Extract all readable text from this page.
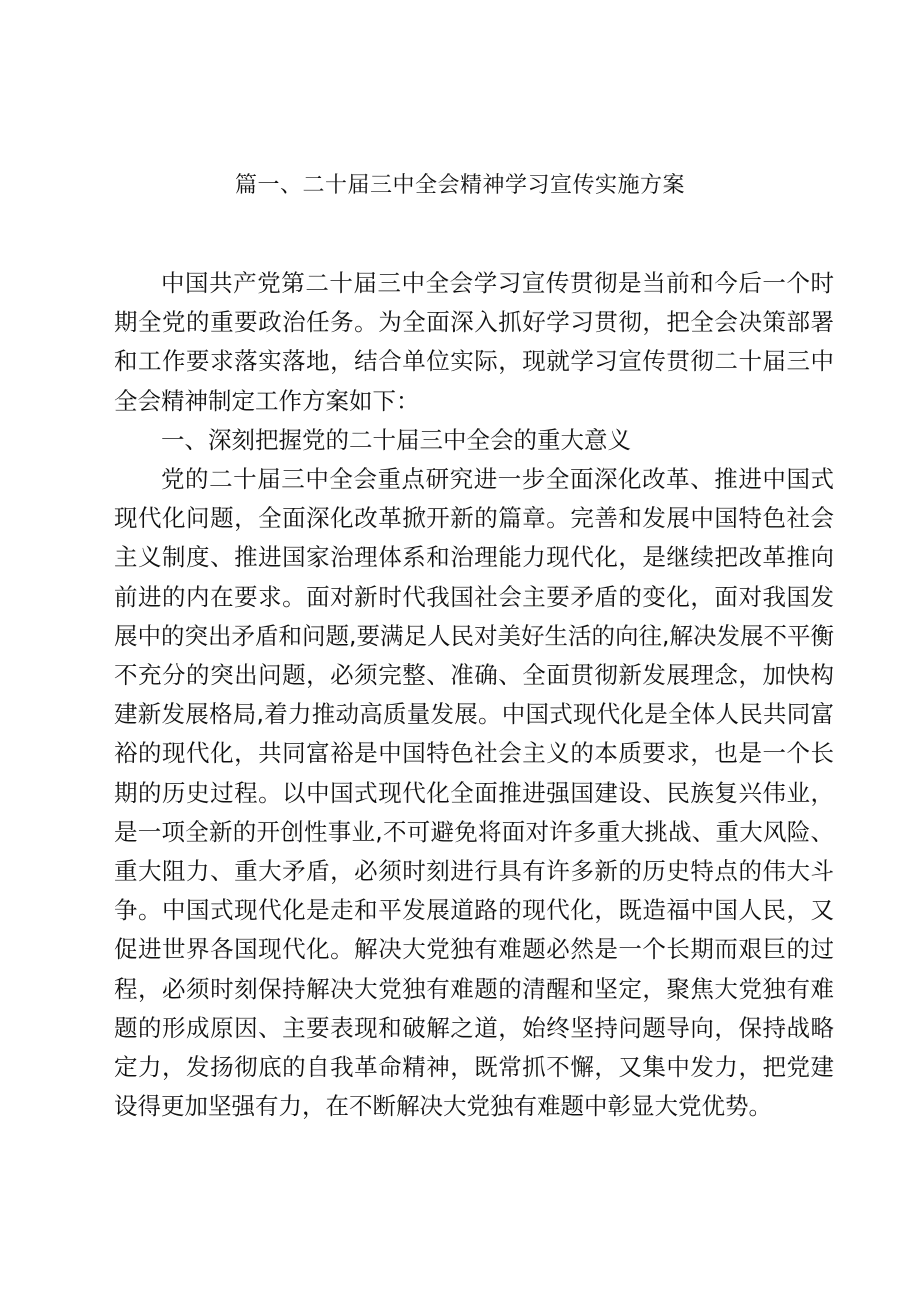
篇一、二十届三中全会精神学习宣传实施方案

中国共产党第二十届三中全会学习宣传贯彻是当前和今后一个时期全党的重要政治任务。为全面深入抓好学习贯彻，把全会决策部署和工作要求落实落地，结合单位实际，现就学习宣传贯彻二十届三中全会精神制定工作方案如下：

一、深刻把握党的二十届三中全会的重大意义

党的二十届三中全会重点研究进一步全面深化改革、推进中国式现代化问题，全面深化改革掀开新的篇章。完善和发展中国特色社会主义制度、推进国家治理体系和治理能力现代化，是继续把改革推向前进的内在要求。面对新时代我国社会主要矛盾的变化，面对我国发展中的突出矛盾和问题,要满足人民对美好生活的向往,解决发展不平衡不充分的突出问题，必须完整、准确、全面贯彻新发展理念，加快构建新发展格局,着力推动高质量发展。中国式现代化是全体人民共同富裕的现代化，共同富裕是中国特色社会主义的本质要求，也是一个长期的历史过程。以中国式现代化全面推进强国建设、民族复兴伟业，是一项全新的开创性事业,不可避免将面对许多重大挑战、重大风险、重大阻力、重大矛盾，必须时刻进行具有许多新的历史特点的伟大斗争。中国式现代化是走和平发展道路的现代化，既造福中国人民，又促进世界各国现代化。解决大党独有难题必然是一个长期而艰巨的过程，必须时刻保持解决大党独有难题的清醒和坚定，聚焦大党独有难题的形成原因、主要表现和破解之道，始终坚持问题导向，保持战略定力，发扬彻底的自我革命精神，既常抓不懈，又集中发力，把党建设得更加坚强有力，在不断解决大党独有难题中彰显大党优势。
